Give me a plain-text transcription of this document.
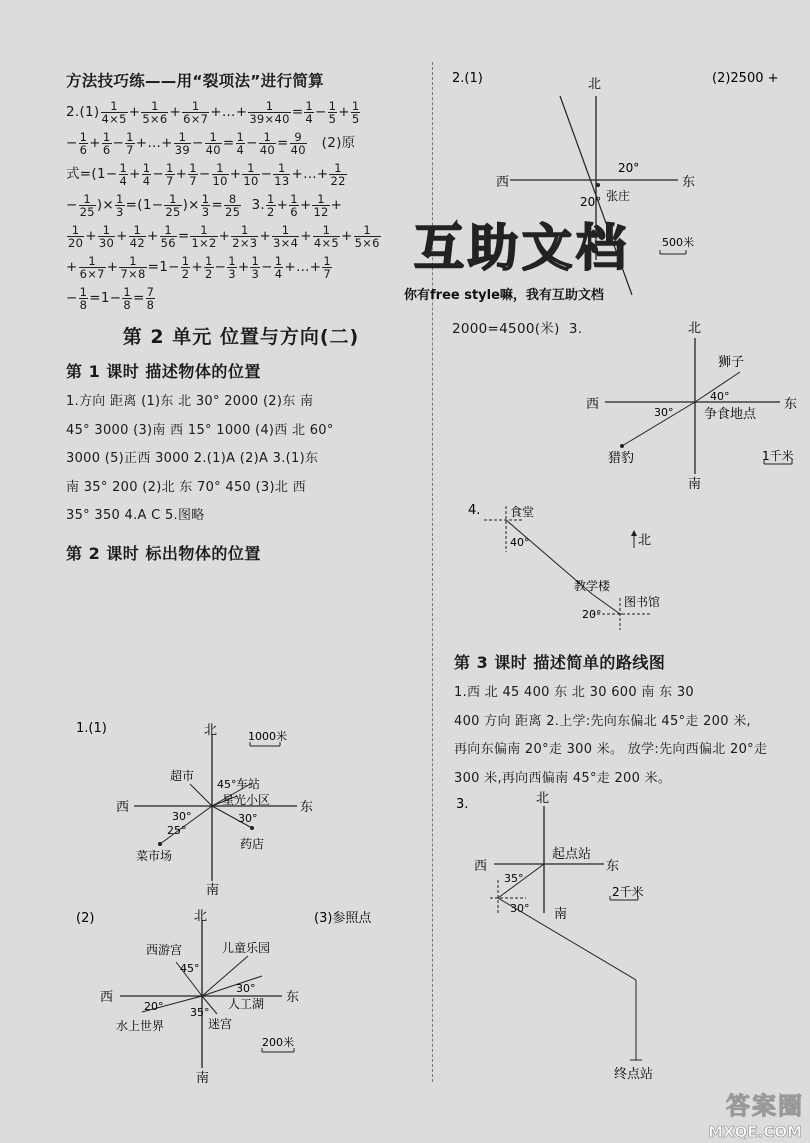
方法技巧练——用“裂项法”进行简算
$2.(1) \frac{1}{4\times 5} + \frac{1}{5\times 6} + \frac{1}{6\times 7}$ +…+ $\frac{1}{39\times 40} = \frac{1}{4} - \frac{1}{5} + \frac{1}{5}$
− $\frac{1}{6} + \frac{1}{6} - \frac{1}{7}$ +…+ $\frac{1}{39} - \frac{1}{40} = \frac{1}{4} - \frac{1}{40} = \frac{9}{40} (2)$原
式$=(1- \frac{1}{4} + \frac{1}{4} - \frac{1}{7} + \frac{1}{7} - \frac{1}{10} + \frac{1}{10} - \frac{1}{13}$ +…+ $\frac{1}{22}$
− $\frac{1}{25}$ )× $\frac{1}{3} =(1- \frac{1}{25}$ )× $\frac{1}{3} = \frac{8}{25} 3$. $\frac{1}{2} + \frac{1}{6} + \frac{1}{12}$ +
$\frac{1}{20} + \frac{1}{30} + \frac{1}{42} + \frac{1}{56} = \frac{1}{1\times 2} + \frac{1}{2\times 3} + \frac{1}{3\times 4} + \frac{1}{4\times 5} + \frac{1}{5\times 6}$
+ $\frac{1}{6\times 7} + \frac{1}{7\times 8} =1- \frac{1}{2} + \frac{1}{2} - \frac{1}{3} + \frac{1}{3} - \frac{1}{4}$ +…+ $\frac{1}{7}$
− $\frac{1}{8} =1- \frac{1}{8} = \frac{7}{8}$
第 2 单元 位置与方向(二)
第 1 课时 描述物体的位置
1.方向 距离 (1)东 北 30° 2000 (2)东 南
45° 3000 (3)南 西 15° 1000 (4)西 北 60°
3000 (5)正西 3000 2.(1)A (2)A 3.(1)东
南 35° 200 (2)北 东 70° 450 (3)北 西
35° 350 4.A C 5.图略
第 2 课时 标出物体的位置
1.(1)	北
南
东
西
1000米
超市
45° 车站
星光小区
30°
25°
30°
菜市场
药店
(2)	(3)参照点
北
南
东
西
西游宫	儿童乐园
45°
30°
20°	人工湖
35°
水上世界	迷宫
200米
2.(1)	(2)2500 +
北
东
西
20°
20° 张庄
500米
2000=4500(米) 3.	北
南
东
西
狮子
40°
30° 争食地点
猎豹	1千米
4. 食堂
40°	北
教学楼
图书馆
20°
第 3 课时 描述简单的路线图
1.西 北 45 400 东 北 30 600 南 东 30
400 方向 距离 2.上学:先向东偏北 45°走 200 米,
再向东偏南 20°走 300 米。 放学:先向西偏北 20°走
300 米,再向西偏南 45°走 200 米。
3.	北
南
东
西
起点站
35°
30°
2千米
终点站
互助文档
你有free style嘛，我有互助文档
答案圈
MXQE.COM
